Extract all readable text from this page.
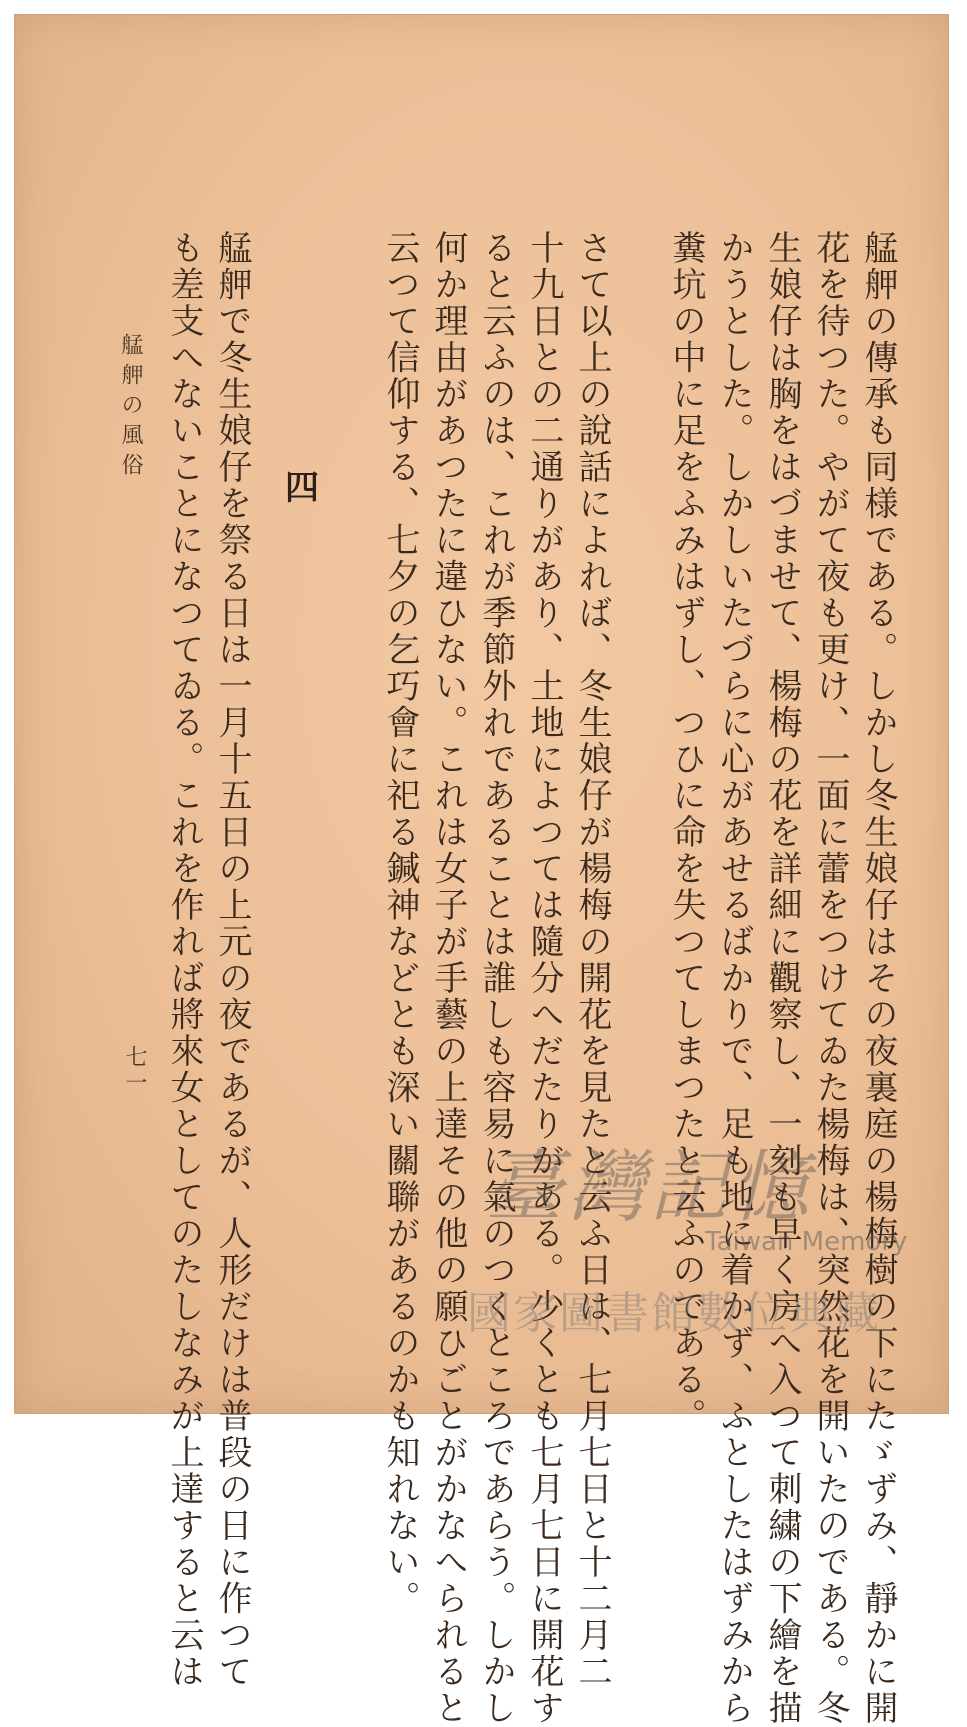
艋舺の傳承も同様である。しかし冬生娘仔はその夜裏庭の楊梅樹の下にたゞずみ、靜かに開
花を待つた。やがて夜も更け、一面に蕾をつけてゐた楊梅は、突然花を開いたのである。冬
生娘仔は胸をはづませて、楊梅の花を詳細に觀察し、一刻も早く房へ入つて刺繍の下繪を描
かうとした。しかしいたづらに心があせるばかりで、足も地に着かず、ふとしたはずみから
糞坑の中に足をふみはずし、つひに命を失つてしまつたと云ふのである。
さて以上の說話によれば、冬生娘仔が楊梅の開花を見たと云ふ日は、七月七日と十二月二
十九日との二通りがあり、土地によつては隨分へだたりがある。少くとも七月七日に開花す
ると云ふのは、これが季節外れであることは誰しも容易に氣のつくところであらう。しかし
何か理由があつたに違ひない。これは女子が手藝の上達その他の願ひごとがかなへられると
云つて信仰する、七夕の乞巧會に祀る鍼神などとも深い關聯があるのかも知れない。
四
艋舺で冬生娘仔を祭る日は一月十五日の上元の夜であるが、人形だけは普段の日に作つて
も差支へないことになつてゐる。これを作れば將來女としてのたしなみが上達すると云は
艋舺の風俗
七一
臺灣記憶
Taiwan Memory
國家圖書館數位典藏
